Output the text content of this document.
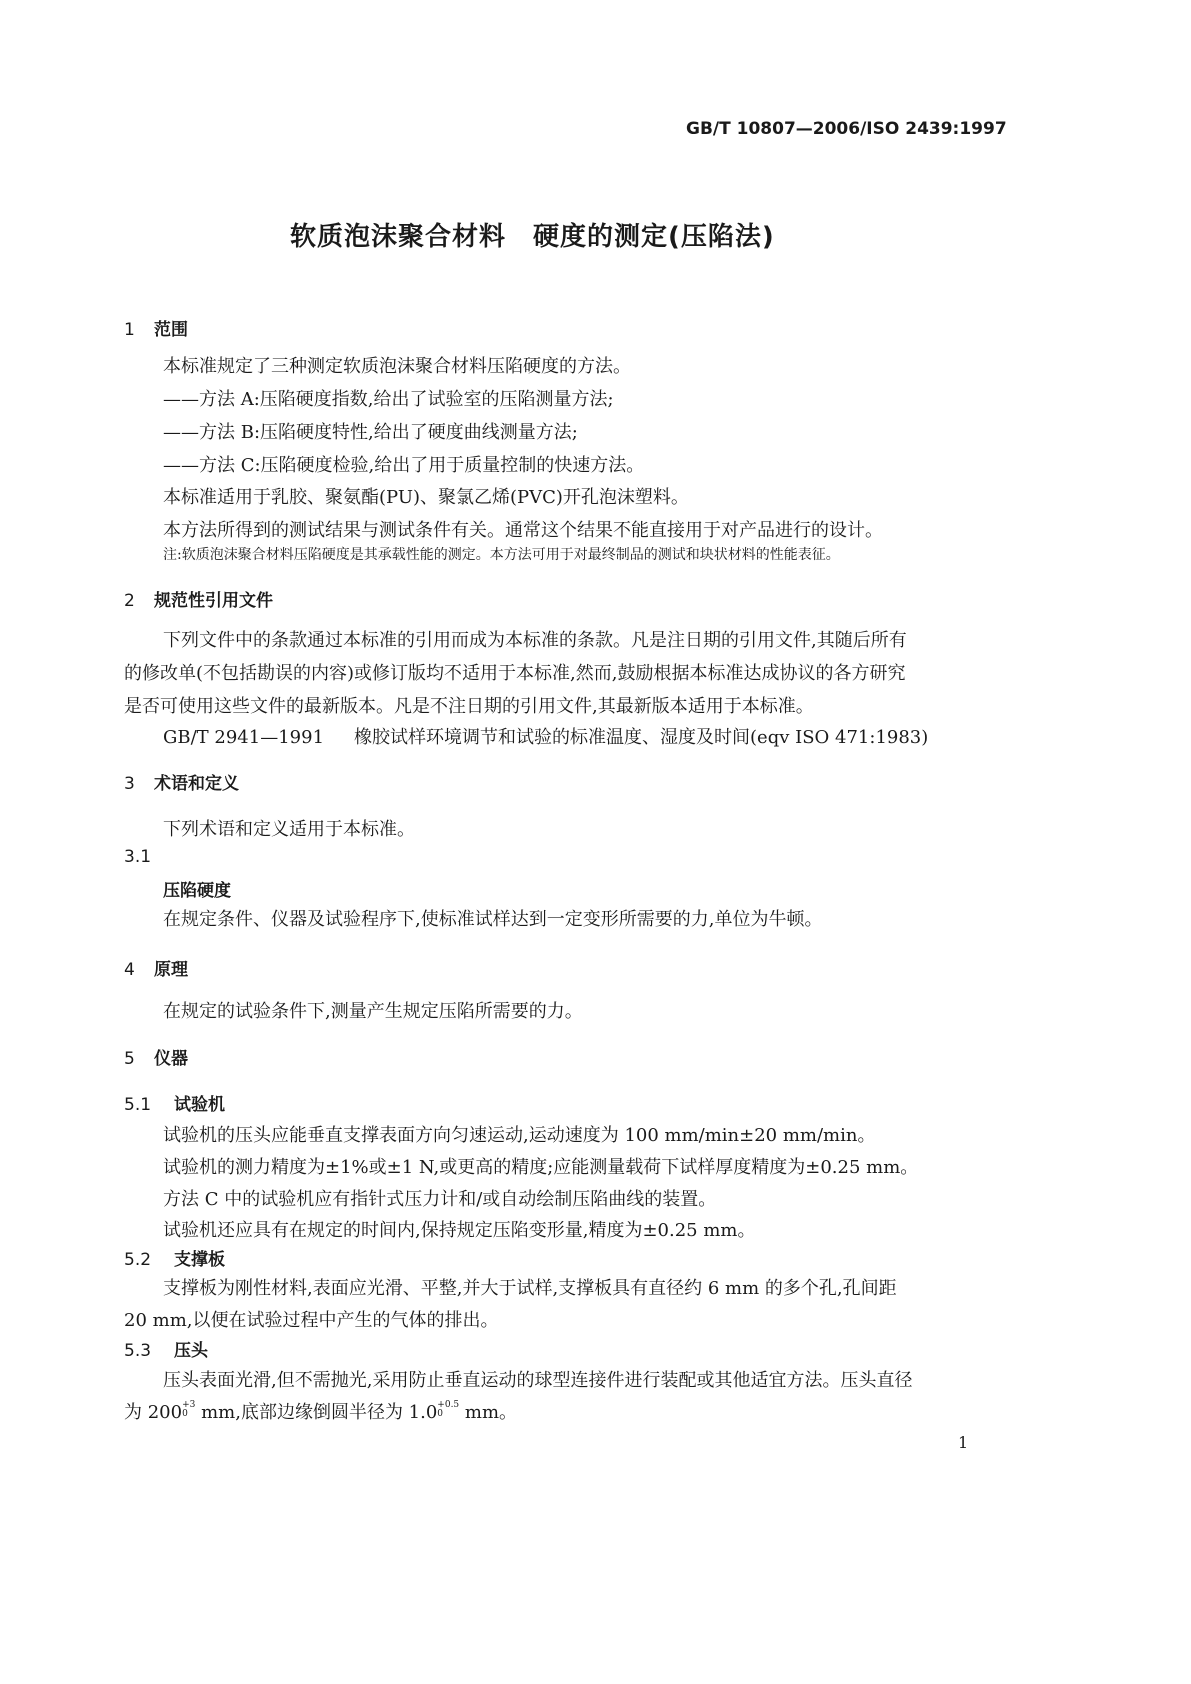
GB/T 10807—2006/ISO 2439:1997
软质泡沫聚合材料　硬度的测定(压陷法)
1 范围
本标准规定了三种测定软质泡沫聚合材料压陷硬度的方法。
——方法 A:压陷硬度指数,给出了试验室的压陷测量方法;
——方法 B:压陷硬度特性,给出了硬度曲线测量方法;
——方法 C:压陷硬度检验,给出了用于质量控制的快速方法。
本标准适用于乳胶、聚氨酯(PU)、聚氯乙烯(PVC)开孔泡沫塑料。
本方法所得到的测试结果与测试条件有关。通常这个结果不能直接用于对产品进行的设计。
注:软质泡沫聚合材料压陷硬度是其承载性能的测定。本方法可用于对最终制品的测试和块状材料的性能表征。
2 规范性引用文件
下列文件中的条款通过本标准的引用而成为本标准的条款。凡是注日期的引用文件,其随后所有
的修改单(不包括勘误的内容)或修订版均不适用于本标准,然而,鼓励根据本标准达成协议的各方研究
是否可使用这些文件的最新版本。凡是不注日期的引用文件,其最新版本适用于本标准。
GB/T 2941—1991 橡胶试样环境调节和试验的标准温度、湿度及时间(eqv ISO 471:1983)
3 术语和定义
下列术语和定义适用于本标准。
3.1
压陷硬度
在规定条件、仪器及试验程序下,使标准试样达到一定变形所需要的力,单位为牛顿。
4 原理
在规定的试验条件下,测量产生规定压陷所需要的力。
5 仪器
5.1 试验机
试验机的压头应能垂直支撑表面方向匀速运动,运动速度为 100 mm/min±20 mm/min。
试验机的测力精度为±1%或±1 N,或更高的精度;应能测量载荷下试样厚度精度为±0.25 mm。
方法 C 中的试验机应有指针式压力计和/或自动绘制压陷曲线的装置。
试验机还应具有在规定的时间内,保持规定压陷变形量,精度为±0.25 mm。
5.2 支撑板
支撑板为刚性材料,表面应光滑、平整,并大于试样,支撑板具有直径约 6 mm 的多个孔,孔间距
20 mm,以便在试验过程中产生的气体的排出。
5.3 压头
压头表面光滑,但不需抛光,采用防止垂直运动的球型连接件进行装配或其他适宜方法。压头直径
为 200 +3
0 mm,底部边缘倒圆半径为 1.0 +0.5
0 mm。
1
